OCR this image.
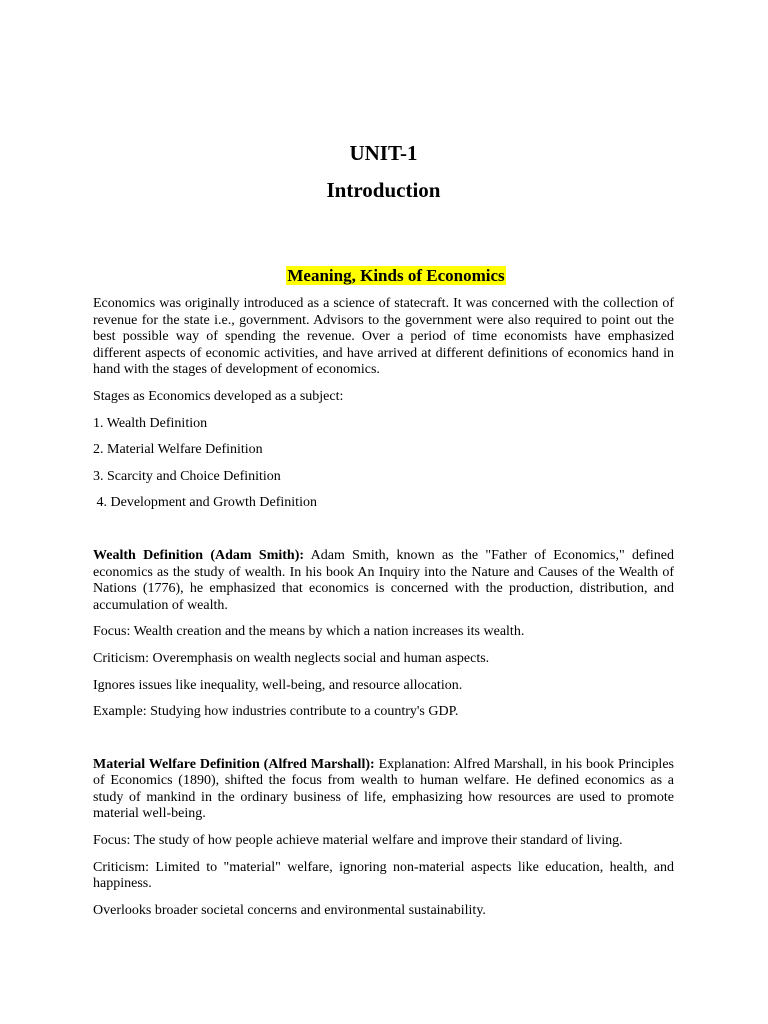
UNIT-1
Introduction
Meaning, Kinds of Economics

Economics was originally introduced as a science of statecraft. It was concerned with the collection of revenue for the state i.e., government. Advisors to the government were also required to point out the best possible way of spending the revenue. Over a period of time economists have emphasized different aspects of economic activities, and have arrived at different definitions of economics hand in hand with the stages of development of economics.

Stages as Economics developed as a subject:

1. Wealth Definition

2. Material Welfare Definition

3. Scarcity and Choice Definition

4. Development and Growth Definition

Wealth Definition (Adam Smith): Adam Smith, known as the "Father of Economics," defined economics as the study of wealth. In his book An Inquiry into the Nature and Causes of the Wealth of Nations (1776), he emphasized that economics is concerned with the production, distribution, and accumulation of wealth.

Focus: Wealth creation and the means by which a nation increases its wealth.

Criticism: Overemphasis on wealth neglects social and human aspects.

Ignores issues like inequality, well-being, and resource allocation.

Example: Studying how industries contribute to a country's GDP.

Material Welfare Definition (Alfred Marshall): Explanation: Alfred Marshall, in his book Principles of Economics (1890), shifted the focus from wealth to human welfare. He defined economics as a study of mankind in the ordinary business of life, emphasizing how resources are used to promote material well-being.

Focus: The study of how people achieve material welfare and improve their standard of living.

Criticism: Limited to "material" welfare, ignoring non-material aspects like education, health, and happiness.

Overlooks broader societal concerns and environmental sustainability.
